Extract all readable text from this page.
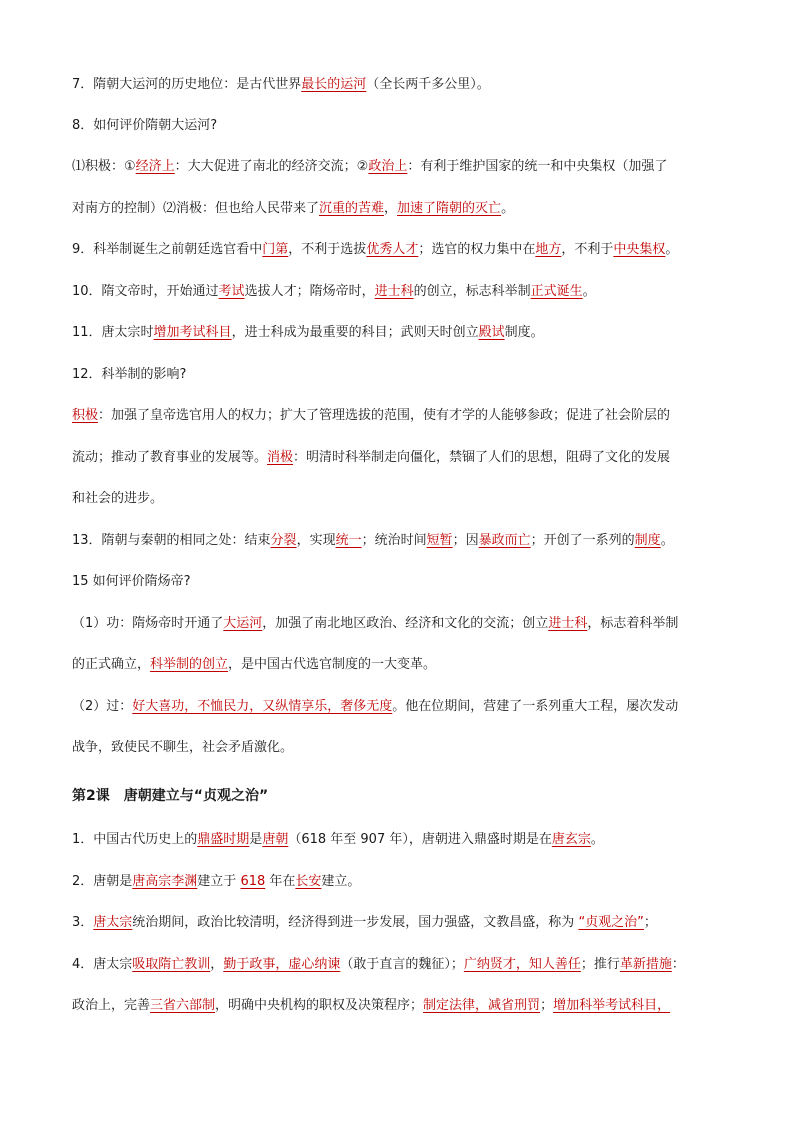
7．隋朝大运河的历史地位：是古代世界最长的运河（全长两千多公里）。
8．如何评价隋朝大运河?
⑴积极：①经济上：大大促进了南北的经济交流；②政治上：有利于维护国家的统一和中央集权（加强了
对南方的控制）⑵消极：但也给人民带来了沉重的苦难，加速了隋朝的灭亡。
9．科举制诞生之前朝廷选官看中门第，不利于选拔优秀人才；选官的权力集中在地方，不利于中央集权。
10．隋文帝时，开始通过考试选拔人才；隋炀帝时，进士科的创立，标志科举制正式诞生。
11．唐太宗时增加考试科目，进士科成为最重要的科目；武则天时创立殿试制度。
12．科举制的影响?
积极：加强了皇帝选官用人的权力；扩大了管理选拔的范围，使有才学的人能够参政；促进了社会阶层的
流动；推动了教育事业的发展等。消极：明清时科举制走向僵化，禁锢了人们的思想，阻碍了文化的发展
和社会的进步。
13．隋朝与秦朝的相同之处：结束分裂，实现统一；统治时间短暂；因暴政而亡；开创了一系列的制度。
15 如何评价隋炀帝?
（1）功：隋炀帝时开通了大运河，加强了南北地区政治、经济和文化的交流；创立进士科，标志着科举制
的正式确立，科举制的创立，是中国古代选官制度的一大变革。
（2）过：好大喜功，不恤民力，又纵情享乐，奢侈无度。他在位期间，营建了一系列重大工程，屡次发动
战争，致使民不聊生，社会矛盾激化。
第2课　唐朝建立与“贞观之治”
1．中国古代历史上的鼎盛时期是唐朝（618 年至 907 年），唐朝进入鼎盛时期是在唐玄宗。
2．唐朝是唐高宗李渊建立于 618 年在长安建立。
3．唐太宗统治期间，政治比较清明，经济得到进一步发展，国力强盛，文教昌盛，称为 “贞观之治”；
4．唐太宗吸取隋亡教训，勤于政事，虚心纳谏（敢于直言的魏征）；广纳贤才，知人善任；推行革新措施：
政治上，完善三省六部制，明确中央机构的职权及决策程序；制定法律，减省刑罚；增加科举考试科目，
